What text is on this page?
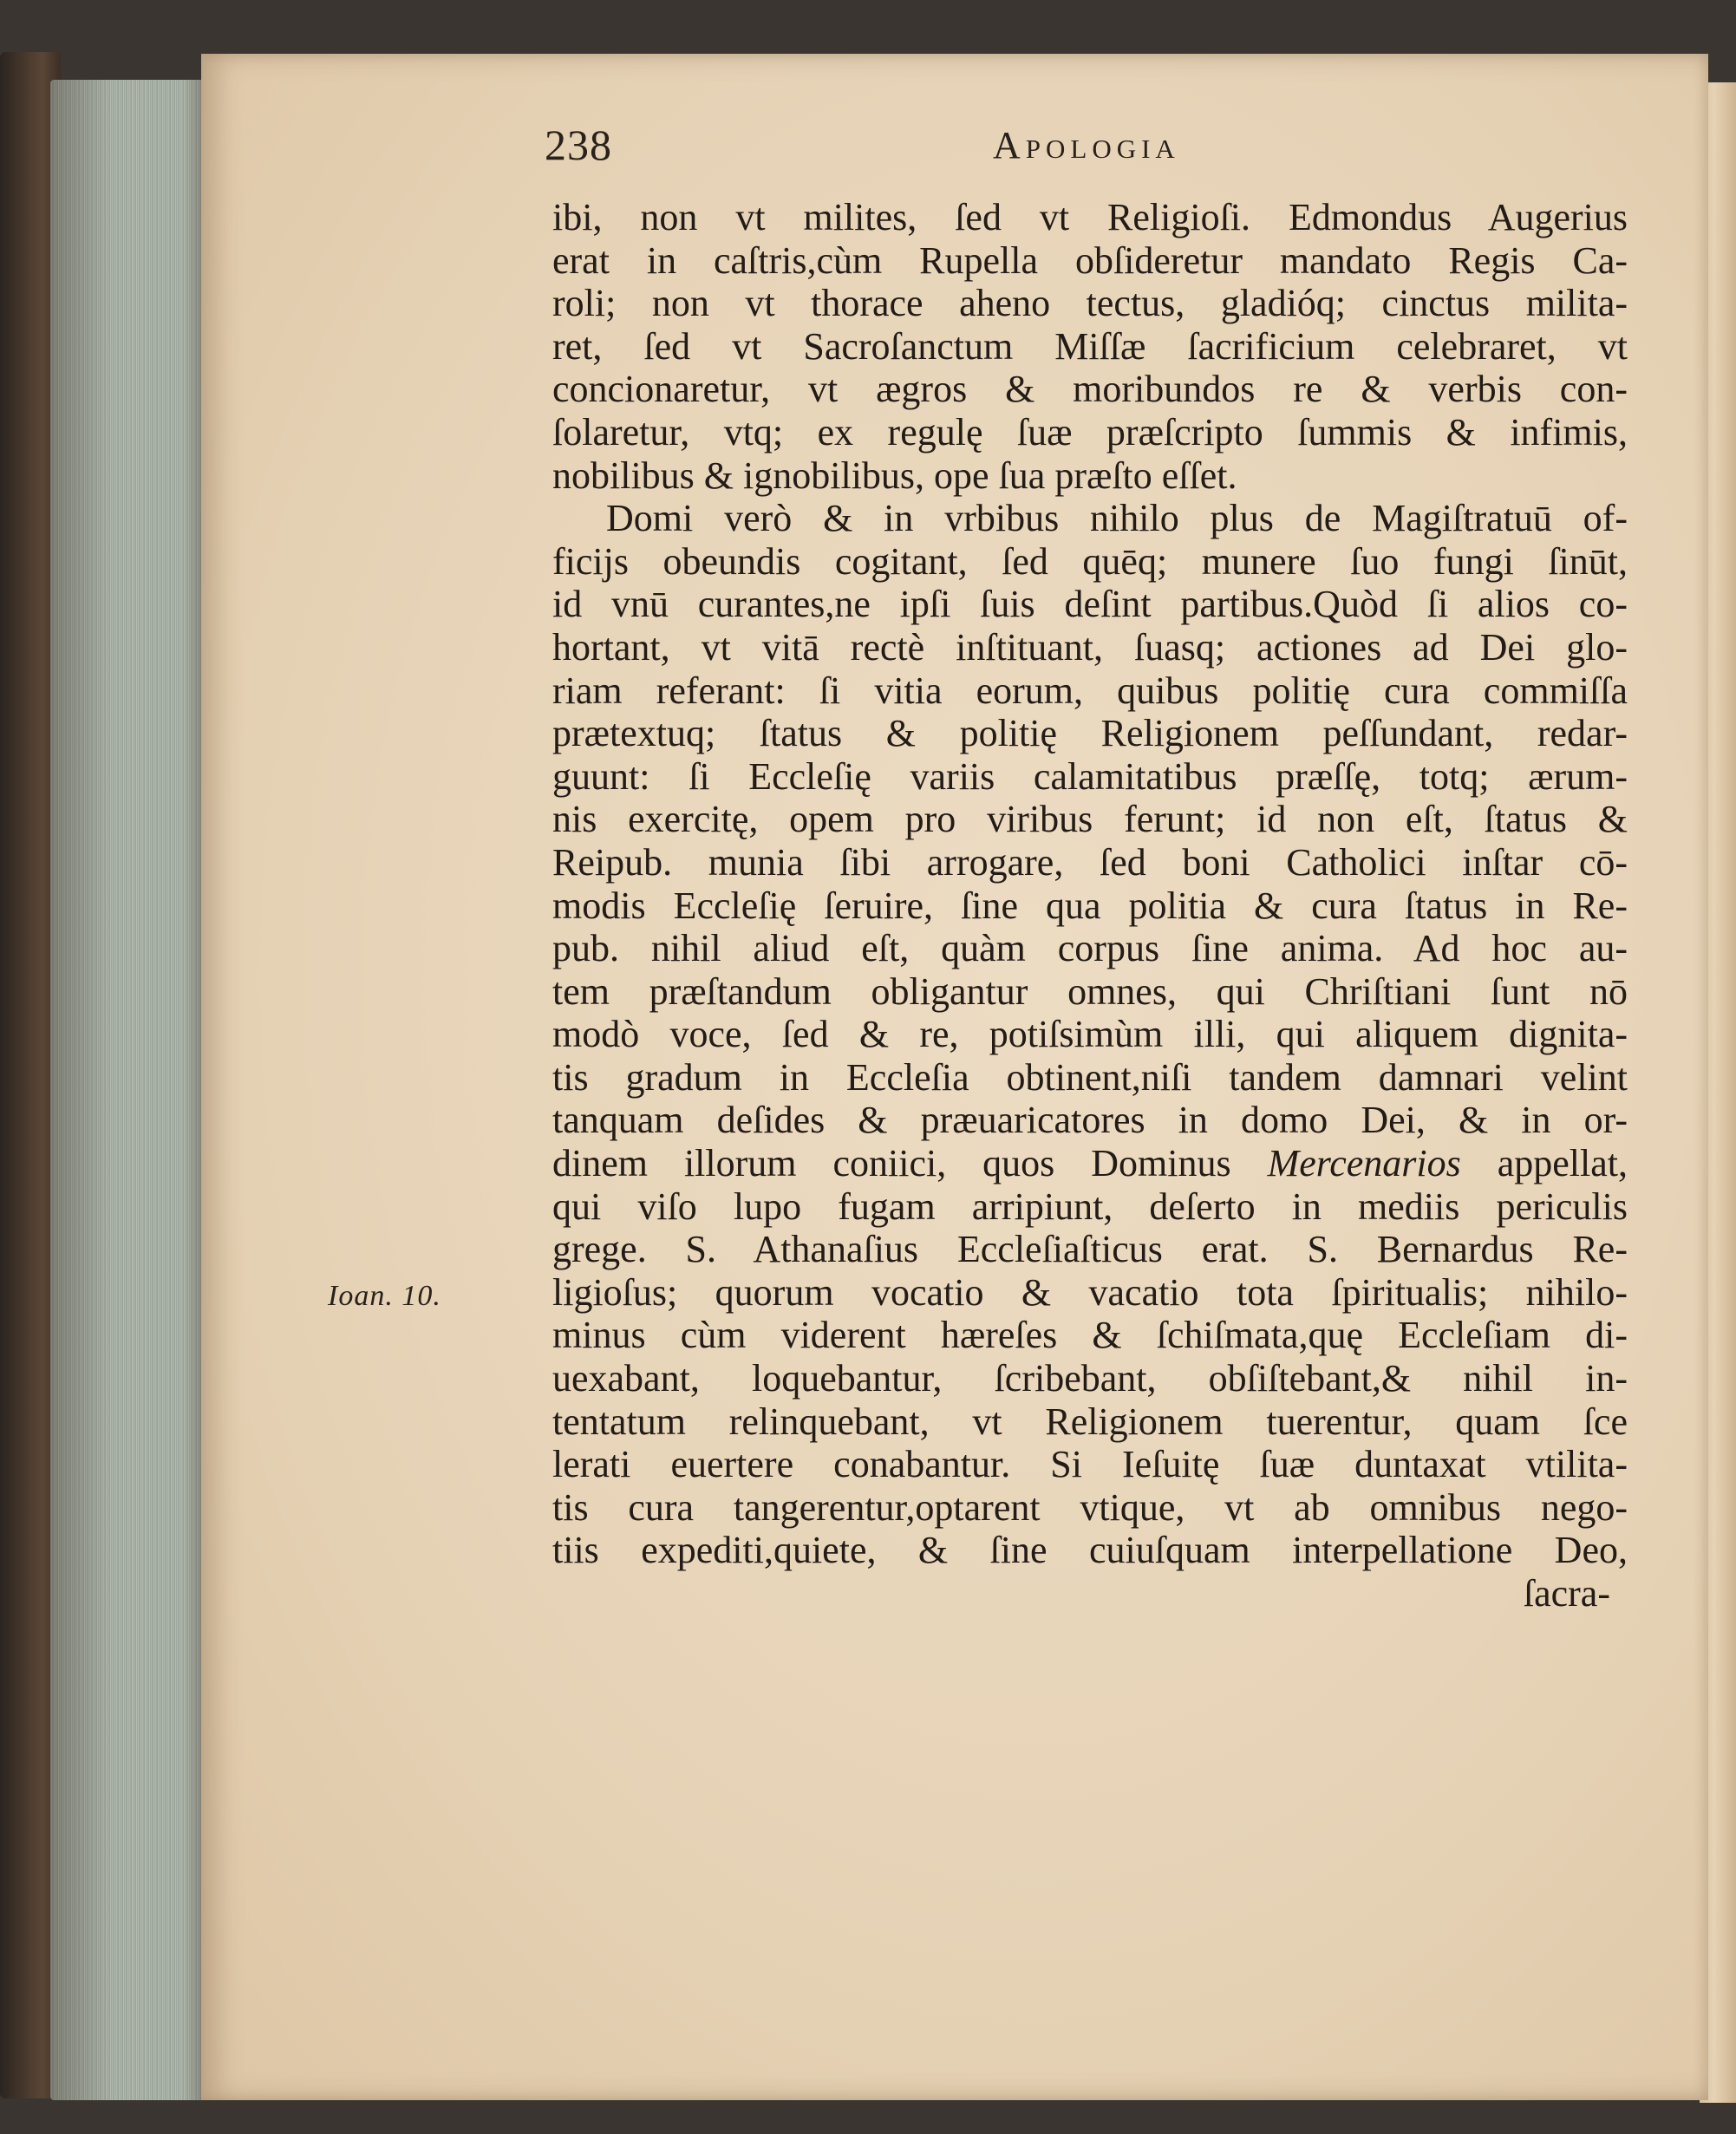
238	Apologia
Ioan. 10.
ibi, non vt milites, ſed vt Religioſi. Edmondus Augerius
erat in caſtris,cùm Rupella obſideretur mandato Regis Ca-
roli; non vt thorace aheno tectus, gladióq; cinctus milita-
ret, ſed vt Sacroſanctum Miſſæ ſacrificium celebraret, vt
concionaretur, vt ægros & moribundos re & verbis con-
ſolaretur, vtq; ex regulę ſuæ præſcripto ſummis & infimis,
nobilibus & ignobilibus, ope ſua præſto eſſet.
Domi verò & in vrbibus nihilo plus de Magiſtratuū of-
ficijs obeundis cogitant, ſed quēq; munere ſuo fungi ſinūt,
id vnū curantes,ne ipſi ſuis deſint partibus.Quòd ſi alios co-
hortant, vt vitā rectè inſtituant, ſuasq; actiones ad Dei glo-
riam referant: ſi vitia eorum, quibus politię cura commiſſa
prætextuq; ſtatus & politię Religionem peſſundant, redar-
guunt: ſi Eccleſię variis calamitatibus præſſę, totq; ærum-
nis exercitę, opem pro viribus ferunt; id non eſt, ſtatus &
Reipub. munia ſibi arrogare, ſed boni Catholici inſtar cō-
modis Eccleſię ſeruire, ſine qua politia & cura ſtatus in Re-
pub. nihil aliud eſt, quàm corpus ſine anima. Ad hoc au-
tem præſtandum obligantur omnes, qui Chriſtiani ſunt nō
modò voce, ſed & re, potiſsimùm illi, qui aliquem dignita-
tis gradum in Eccleſia obtinent,niſi tandem damnari velint
tanquam deſides & præuaricatores in domo Dei, & in or-
dinem illorum coniici, quos Dominus Mercenarios appellat,
qui viſo lupo fugam arripiunt, deſerto in mediis periculis
grege. S. Athanaſius Eccleſiaſticus erat. S. Bernardus Re-
ligioſus; quorum vocatio & vacatio tota ſpiritualis; nihilo-
minus cùm viderent hæreſes & ſchiſmata,quę Eccleſiam di-
uexabant, loquebantur, ſcribebant, obſiſtebant,& nihil in-
tentatum relinquebant, vt Religionem tuerentur, quam ſce
lerati euertere conabantur. Si Ieſuitę ſuæ duntaxat vtilita-
tis cura tangerentur,optarent vtique, vt ab omnibus nego-
tiis expediti,quiete, & ſine cuiuſquam interpellatione Deo,
ſacra-
